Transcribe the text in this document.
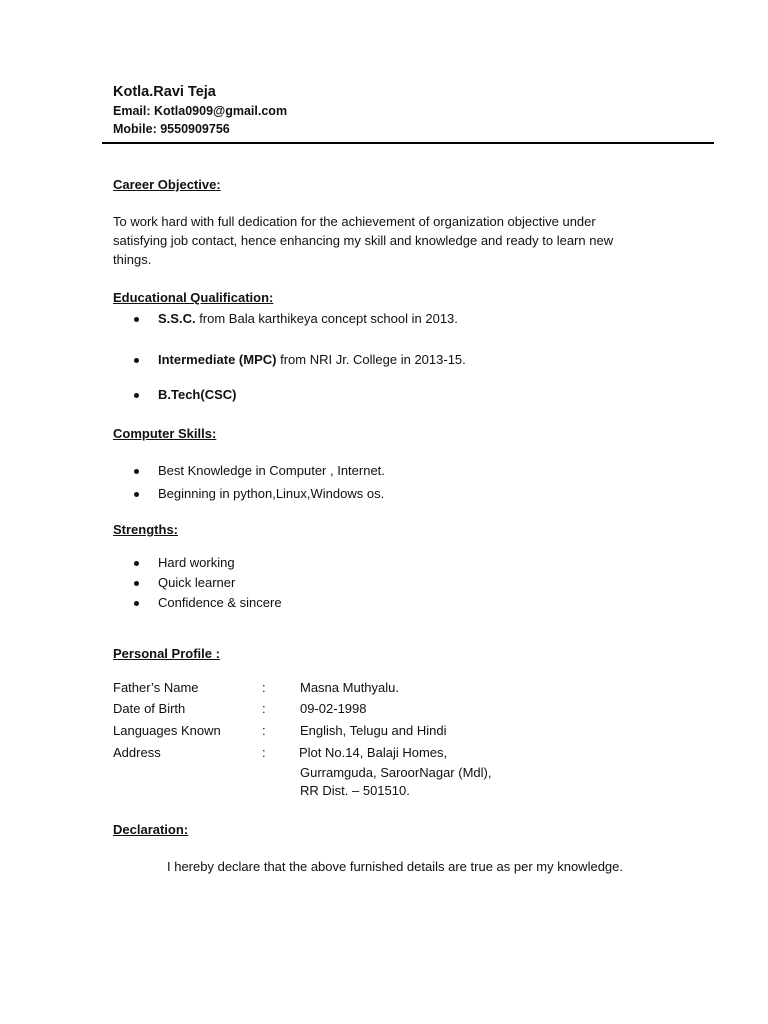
Kotla.Ravi Teja
Email: Kotla0909@gmail.com
Mobile: 9550909756
Career Objective:
To work hard with full dedication for the achievement of organization objective under
satisfying job contact, hence enhancing my skill and knowledge and ready to learn new
things.
Educational Qualification:
S.S.C. from Bala karthikeya concept school in 2013.
Intermediate (MPC) from NRI Jr. College in 2013-15.
B.Tech(CSC)
Computer Skills:
Best Knowledge in Computer , Internet.
Beginning in python,Linux,Windows os.
Strengths:
Hard working
Quick learner
Confidence & sincere
Personal Profile :
Father’s Name	:	Masna Muthyalu.
Date of Birth	:	09-02-1998
Languages Known	:	English, Telugu and Hindi
Address	:	Plot No.14, Balaji Homes,
Gurramguda, SaroorNagar (Mdl),
RR Dist. – 501510.
Declaration:
I hereby declare that the above furnished details are true as per my knowledge.
